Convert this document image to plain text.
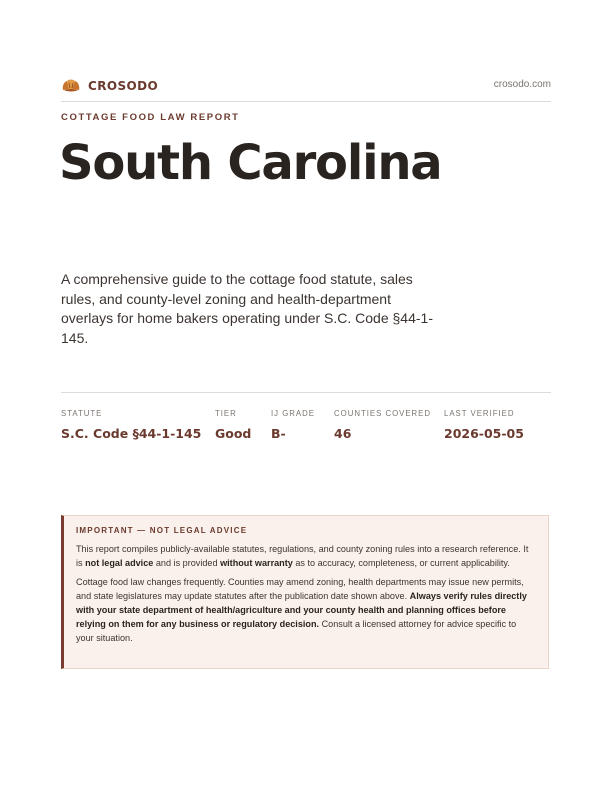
CROSODO	crosodo.com
COTTAGE FOOD LAW REPORT
South Carolina

A comprehensive guide to the cottage food statute, sales rules, and county-level zoning and health-department overlays for home bakers operating under S.C. Code §44-1-145.

STATUTE
S.C. Code §44-1-145
TIER
Good
IJ GRADE
B-
COUNTIES COVERED
46
LAST VERIFIED
2026-05-05
IMPORTANT — NOT LEGAL ADVICE

This report compiles publicly-available statutes, regulations, and county zoning rules into a research reference. It is not legal advice and is provided without warranty as to accuracy, completeness, or current applicability.

Cottage food law changes frequently. Counties may amend zoning, health departments may issue new permits, and state legislatures may update statutes after the publication date shown above. Always verify rules directly with your state department of health/agriculture and your county health and planning offices before relying on them for any business or regulatory decision. Consult a licensed attorney for advice specific to your situation.
